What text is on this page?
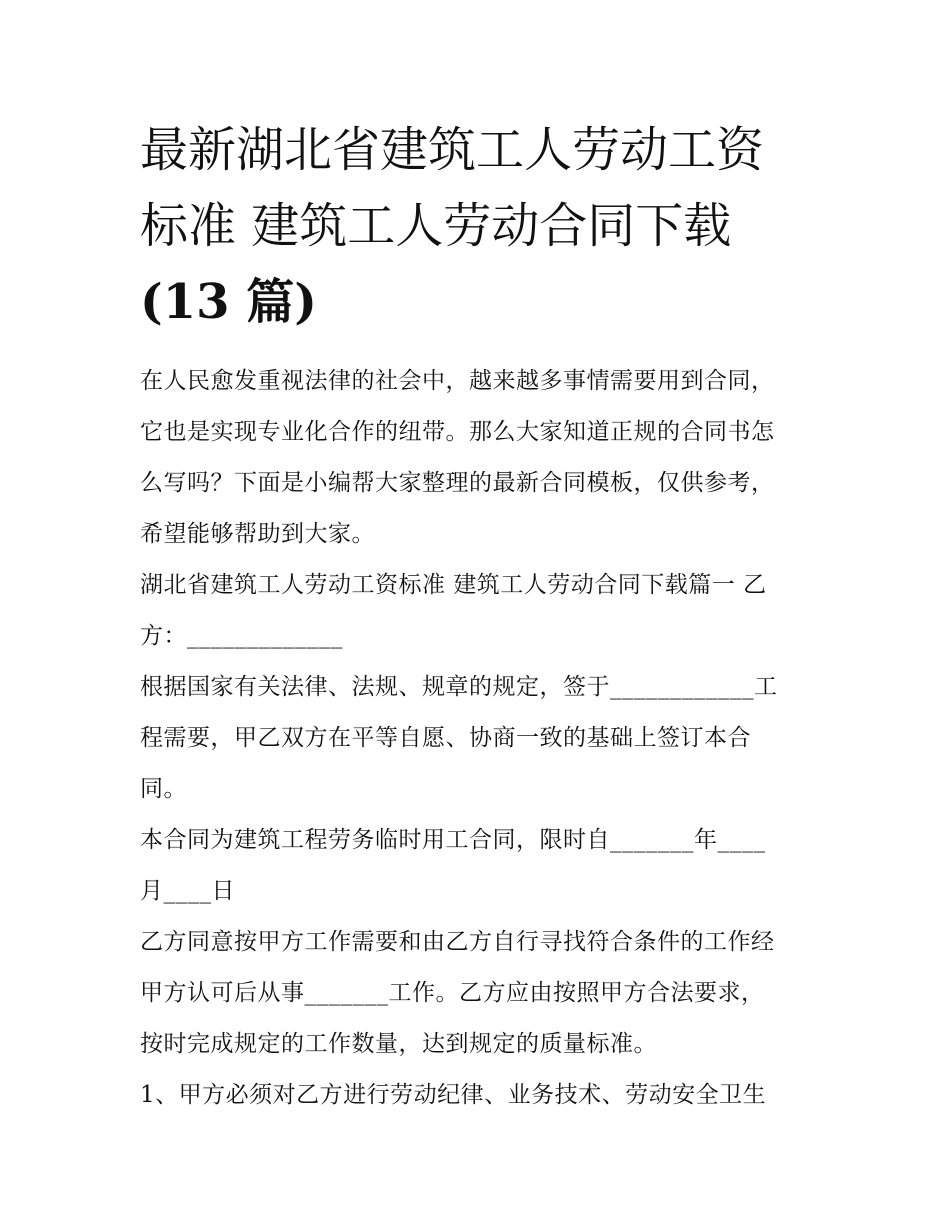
最新湖北省建筑工人劳动工资
标准 建筑工人劳动合同下载
(13 篇)

在人民愈发重视法律的社会中，越来越多事情需要用到合同，

它也是实现专业化合作的纽带。那么大家知道正规的合同书怎

么写吗？下面是小编帮大家整理的最新合同模板，仅供参考，

希望能够帮助到大家。

湖北省建筑工人劳动工资标准 建筑工人劳动合同下载篇一 乙

方：_____________

根据国家有关法律、法规、规章的规定，签于____________工

程需要，甲乙双方在平等自愿、协商一致的基础上签订本合

同。

本合同为建筑工程劳务临时用工合同，限时自_______年____

月____日

乙方同意按甲方工作需要和由乙方自行寻找符合条件的工作经

甲方认可后从事_______工作。乙方应由按照甲方合法要求，

按时完成规定的工作数量，达到规定的质量标准。

1、甲方必须对乙方进行劳动纪律、业务技术、劳动安全卫生
